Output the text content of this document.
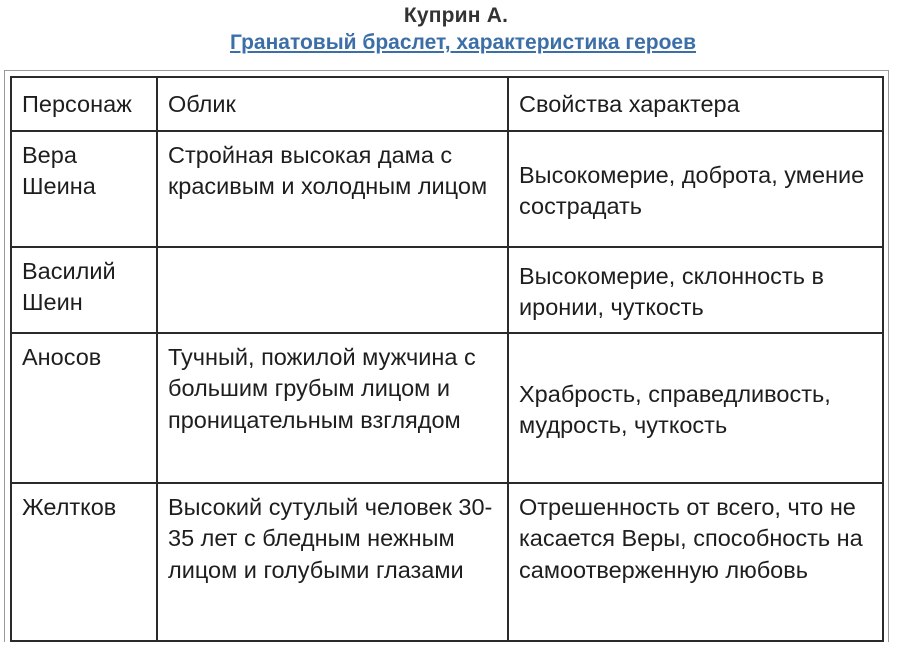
Куприн А.
Гранатовый браслет, характеристика героев
Персонаж	Облик	Свойства характера

Вера Шеина	Стройная высокая дама с красивым и холодным лицом	Высокомерие, доброта, умение сострадать

Василий Шеин		Высокомерие, склонность в иронии, чуткость

Аносов	Тучный, пожилой мужчина с большим грубым лицом и проницательным взглядом	Храбрость, справедливость, мудрость, чуткость

Желтков	Высокий сутулый человек 30-35 лет с бледным нежным лицом и голубыми глазами	Отрешенность от всего, что не касается Веры, способность на самоотверженную любовь
